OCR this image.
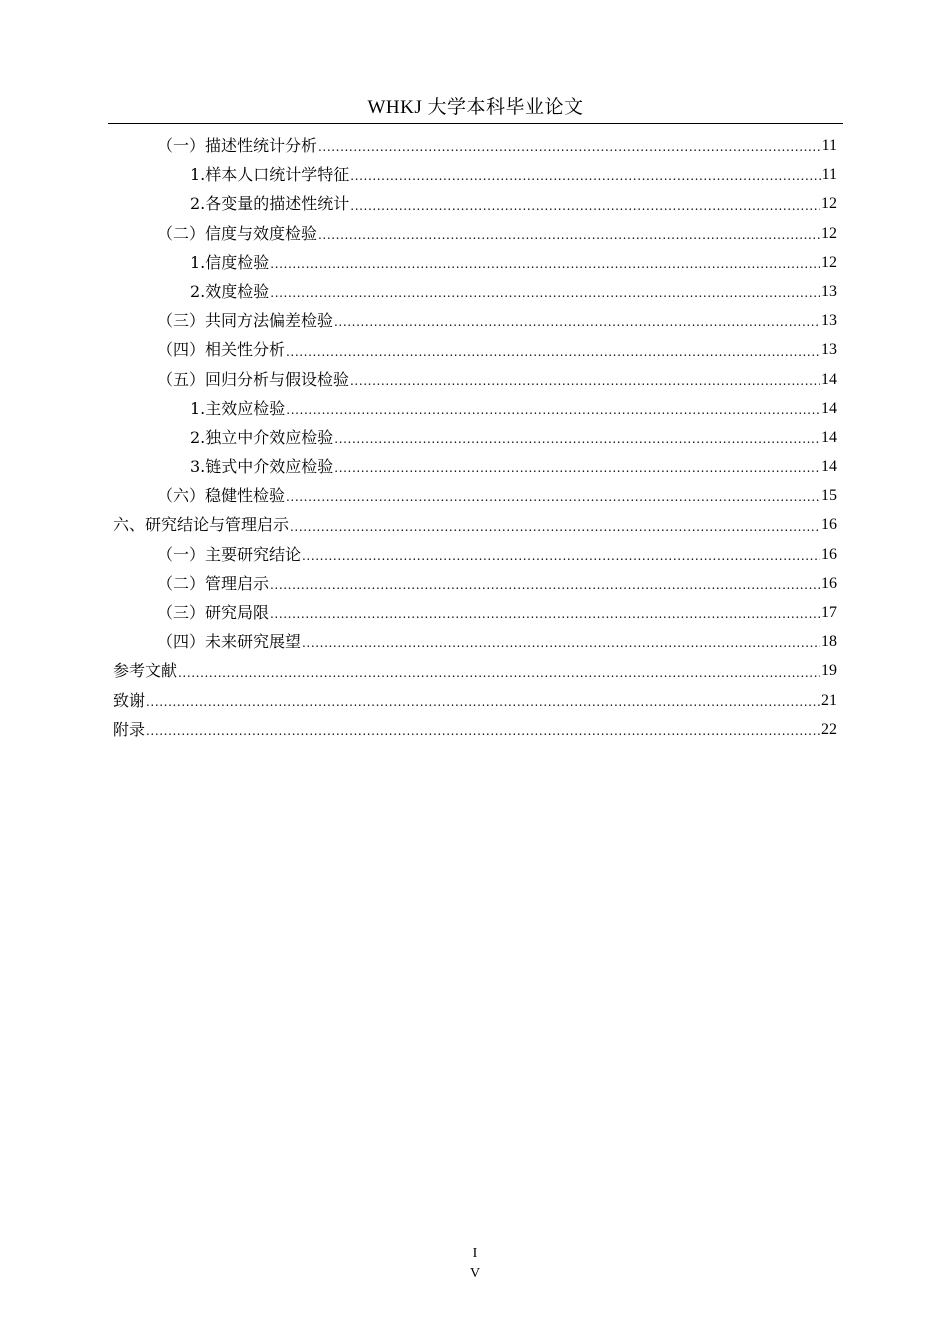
WHKJ 大学本科毕业论文
（一）描述性统计分析 .....	11
1.样本人口统计学特征 .....	11
2.各变量的描述性统计 .....	12
（二）信度与效度检验 .....	12
1.信度检验 .....	12
2.效度检验 .....	13
（三）共同方法偏差检验 .....	13
（四）相关性分析 .....	13
（五）回归分析与假设检验 .....	14
1.主效应检验 .....	14
2.独立中介效应检验 .....	14
3.链式中介效应检验 .....	14
（六）稳健性检验 .....	15
六、研究结论与管理启示 .....	16
（一）主要研究结论 .....	16
（二）管理启示 .....	16
（三）研究局限 .....	17
（四）未来研究展望 .....	18
参考文献 .....	19
致谢 .....	21
附录 .....	22
I
V
